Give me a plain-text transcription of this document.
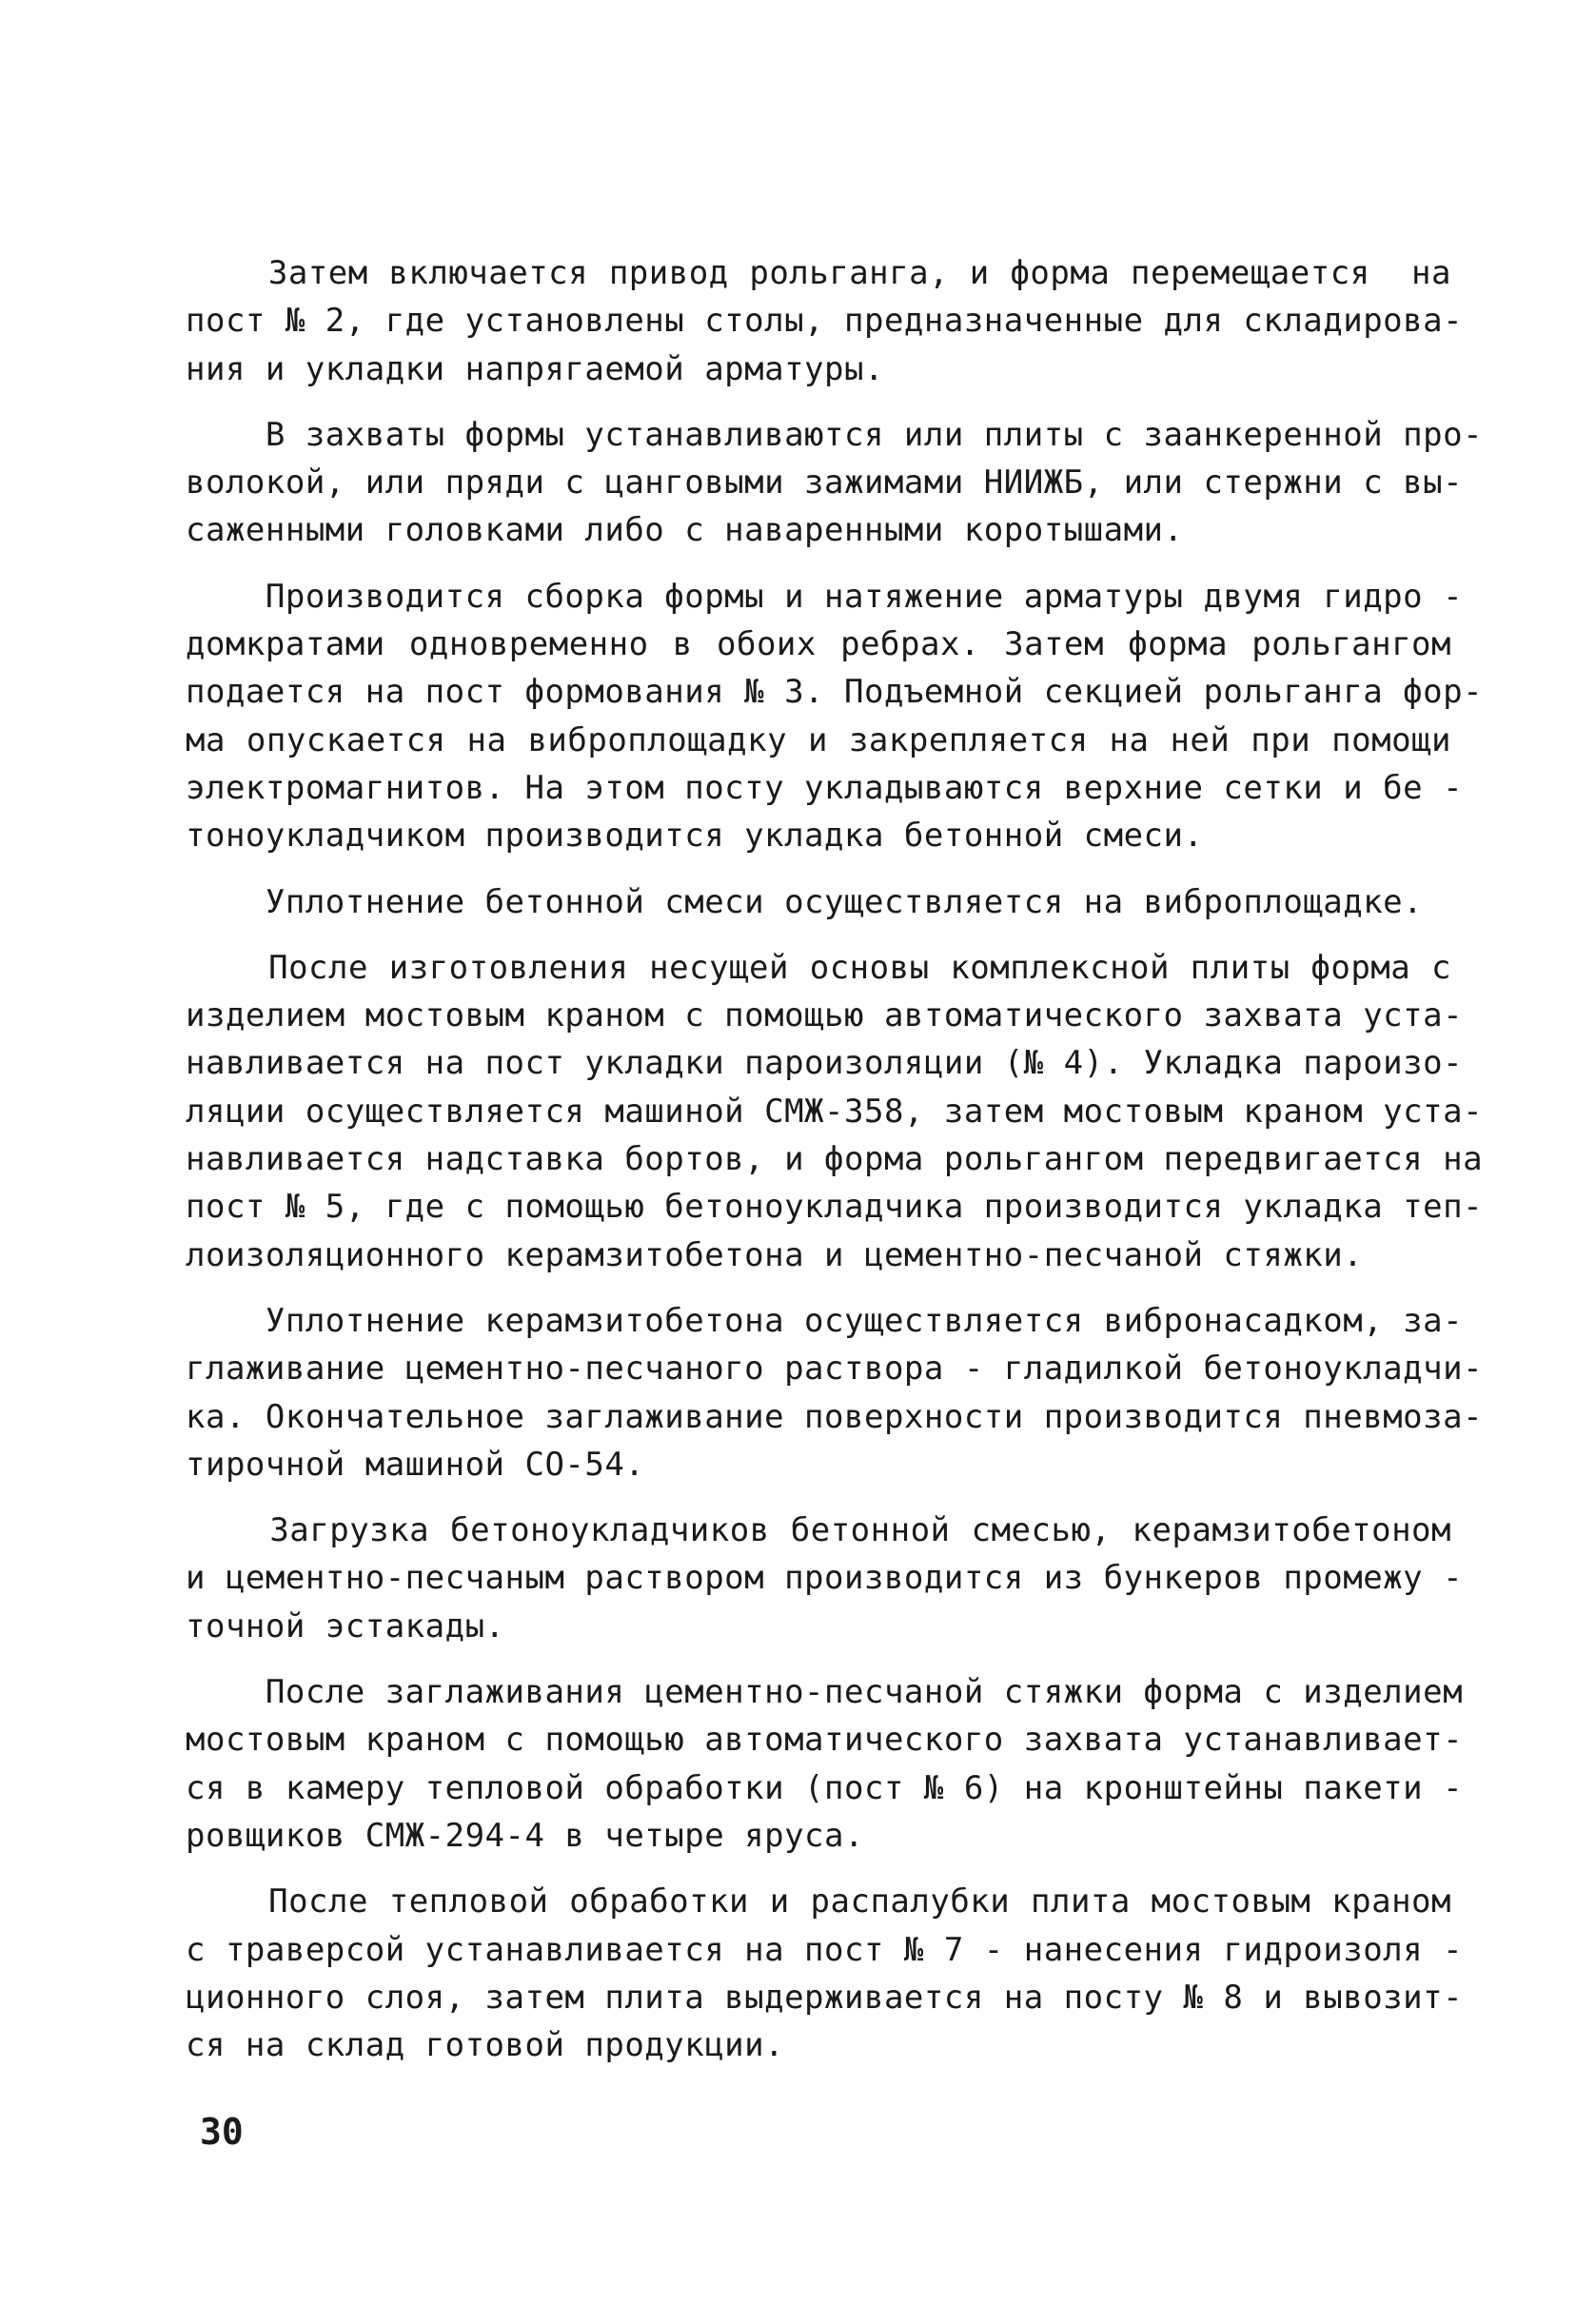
Затем включается привод рольганга, и форма перемещается  на
пост № 2, где установлены столы, предназначенные для складирова-
ния и укладки напрягаемой арматуры.
В захваты формы устанавливаются или плиты с заанкеренной про-
волокой, или пряди с цанговыми зажимами НИИЖБ, или стержни с вы-
саженными головками либо с наваренными коротышами.
Производится сборка формы и натяжение арматуры двумя гидро -
домкратами одновременно в обоих ребрах. Затем форма рольгангом
подается на пост формования № 3. Подъемной секцией рольганга фор-
ма опускается на виброплощадку и закрепляется на ней при помощи
электромагнитов. На этом посту укладываются верхние сетки и бе -
тоноукладчиком производится укладка бетонной смеси.
Уплотнение бетонной смеси осуществляется на виброплощадке.
После изготовления несущей основы комплексной плиты форма с
изделием мостовым краном с помощью автоматического захвата уста-
навливается на пост укладки пароизоляции (№ 4). Укладка пароизо-
ляции осуществляется машиной СМЖ-358, затем мостовым краном уста-
навливается надставка бортов, и форма рольгангом передвигается на
пост № 5, где с помощью бетоноукладчика производится укладка теп-
лоизоляционного керамзитобетона и цементно-песчаной стяжки.
Уплотнение керамзитобетона осуществляется вибронасадком, за-
глаживание цементно-песчаного раствора - гладилкой бетоноукладчи-
ка. Окончательное заглаживание поверхности производится пневмоза-
тирочной машиной СО-54.
Загрузка бетоноукладчиков бетонной смесью, керамзитобетоном
и цементно-песчаным раствором производится из бункеров промежу -
точной эстакады.
После заглаживания цементно-песчаной стяжки форма с изделием
мостовым краном с помощью автоматического захвата устанавливает-
ся в камеру тепловой обработки (пост № 6) на кронштейны пакети -
ровщиков СМЖ-294-4 в четыре яруса.
После тепловой обработки и распалубки плита мостовым краном
с траверсой устанавливается на пост № 7 - нанесения гидроизоля -
ционного слоя, затем плита выдерживается на посту № 8 и вывозит-
ся на склад готовой продукции.
30
